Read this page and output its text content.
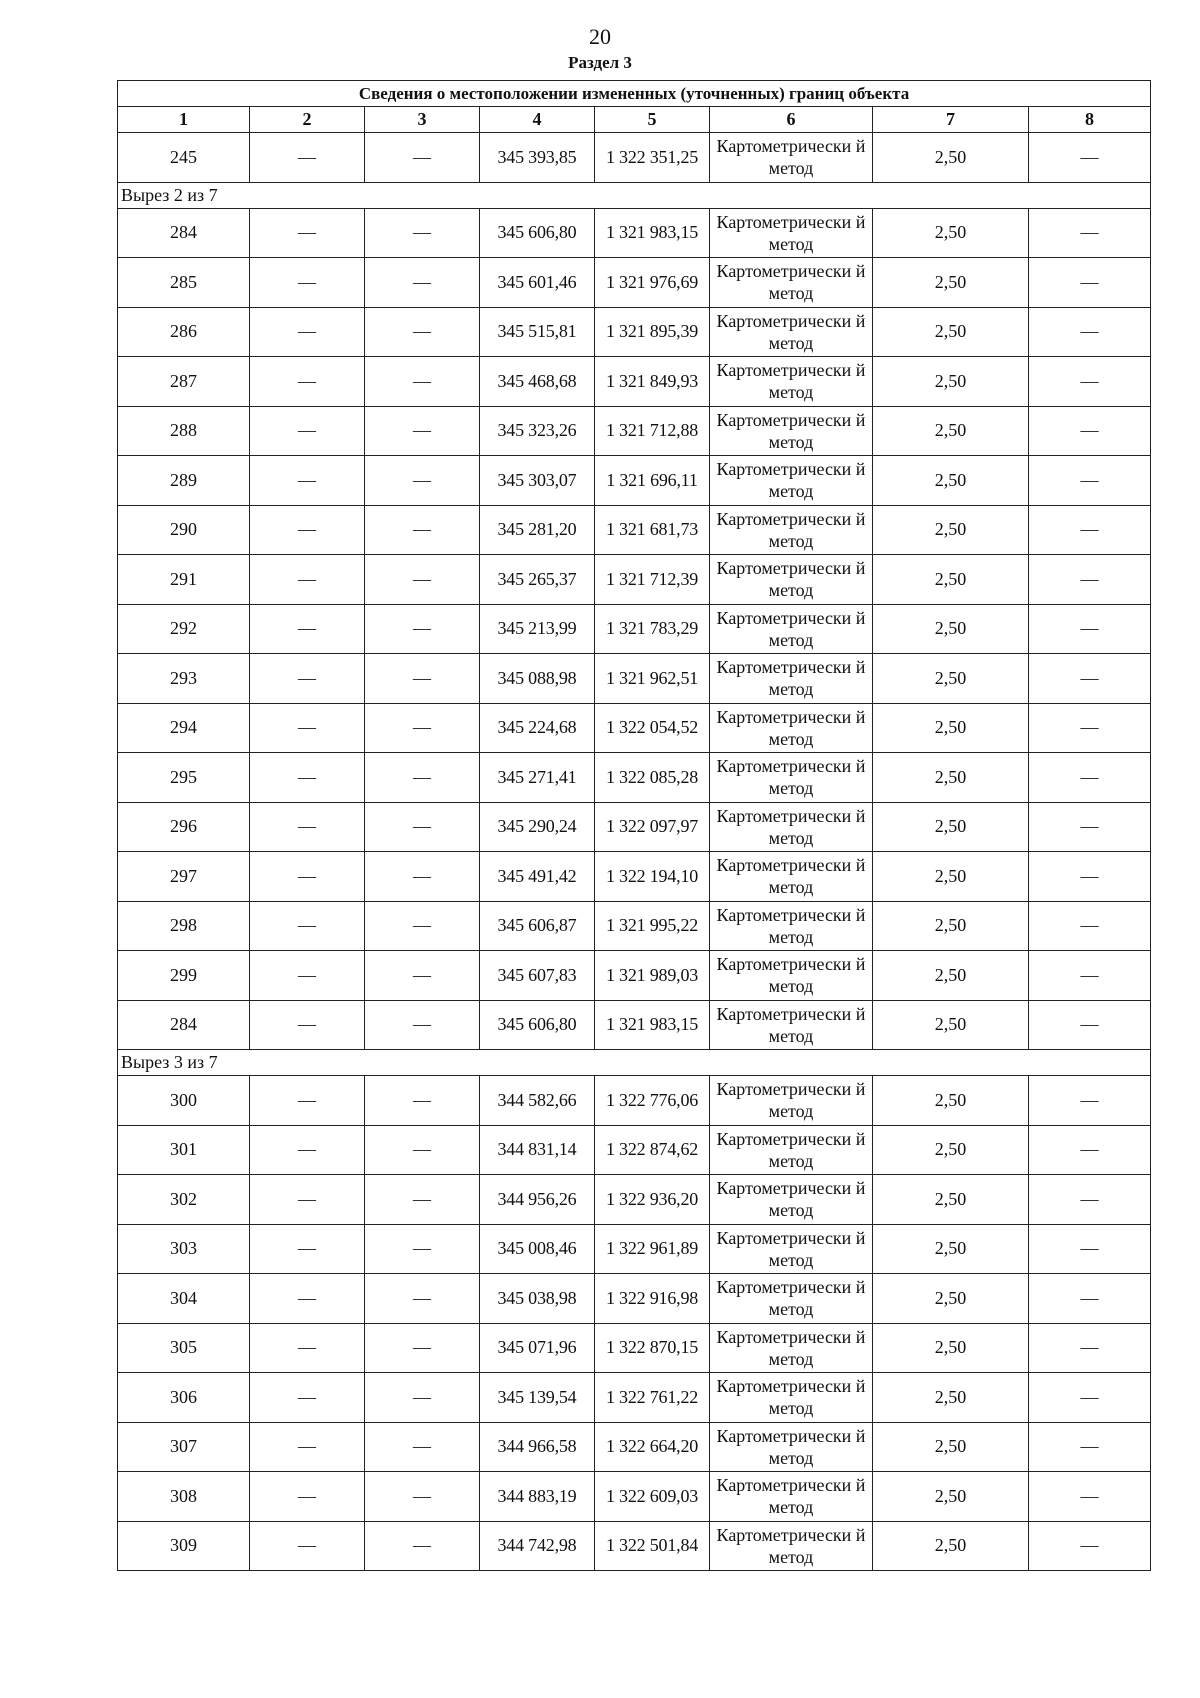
20
Раздел 3
Сведения о местоположении измененных (уточненных) границ объекта							
1	2	3	4	5	6	7	8
245	—	—	345 393,85	1 322 351,25	Картометрически й метод	2,50	—
Вырез 2 из 7							
284	—	—	345 606,80	1 321 983,15	Картометрически й метод	2,50	—
285	—	—	345 601,46	1 321 976,69	Картометрически й метод	2,50	—
286	—	—	345 515,81	1 321 895,39	Картометрически й метод	2,50	—
287	—	—	345 468,68	1 321 849,93	Картометрически й метод	2,50	—
288	—	—	345 323,26	1 321 712,88	Картометрически й метод	2,50	—
289	—	—	345 303,07	1 321 696,11	Картометрически й метод	2,50	—
290	—	—	345 281,20	1 321 681,73	Картометрически й метод	2,50	—
291	—	—	345 265,37	1 321 712,39	Картометрически й метод	2,50	—
292	—	—	345 213,99	1 321 783,29	Картометрически й метод	2,50	—
293	—	—	345 088,98	1 321 962,51	Картометрически й метод	2,50	—
294	—	—	345 224,68	1 322 054,52	Картометрически й метод	2,50	—
295	—	—	345 271,41	1 322 085,28	Картометрически й метод	2,50	—
296	—	—	345 290,24	1 322 097,97	Картометрически й метод	2,50	—
297	—	—	345 491,42	1 322 194,10	Картометрически й метод	2,50	—
298	—	—	345 606,87	1 321 995,22	Картометрически й метод	2,50	—
299	—	—	345 607,83	1 321 989,03	Картометрически й метод	2,50	—
284	—	—	345 606,80	1 321 983,15	Картометрически й метод	2,50	—
Вырез 3 из 7							
300	—	—	344 582,66	1 322 776,06	Картометрически й метод	2,50	—
301	—	—	344 831,14	1 322 874,62	Картометрически й метод	2,50	—
302	—	—	344 956,26	1 322 936,20	Картометрически й метод	2,50	—
303	—	—	345 008,46	1 322 961,89	Картометрически й метод	2,50	—
304	—	—	345 038,98	1 322 916,98	Картометрически й метод	2,50	—
305	—	—	345 071,96	1 322 870,15	Картометрически й метод	2,50	—
306	—	—	345 139,54	1 322 761,22	Картометрически й метод	2,50	—
307	—	—	344 966,58	1 322 664,20	Картометрически й метод	2,50	—
308	—	—	344 883,19	1 322 609,03	Картометрически й метод	2,50	—
309	—	—	344 742,98	1 322 501,84	Картометрически й метод	2,50	—
